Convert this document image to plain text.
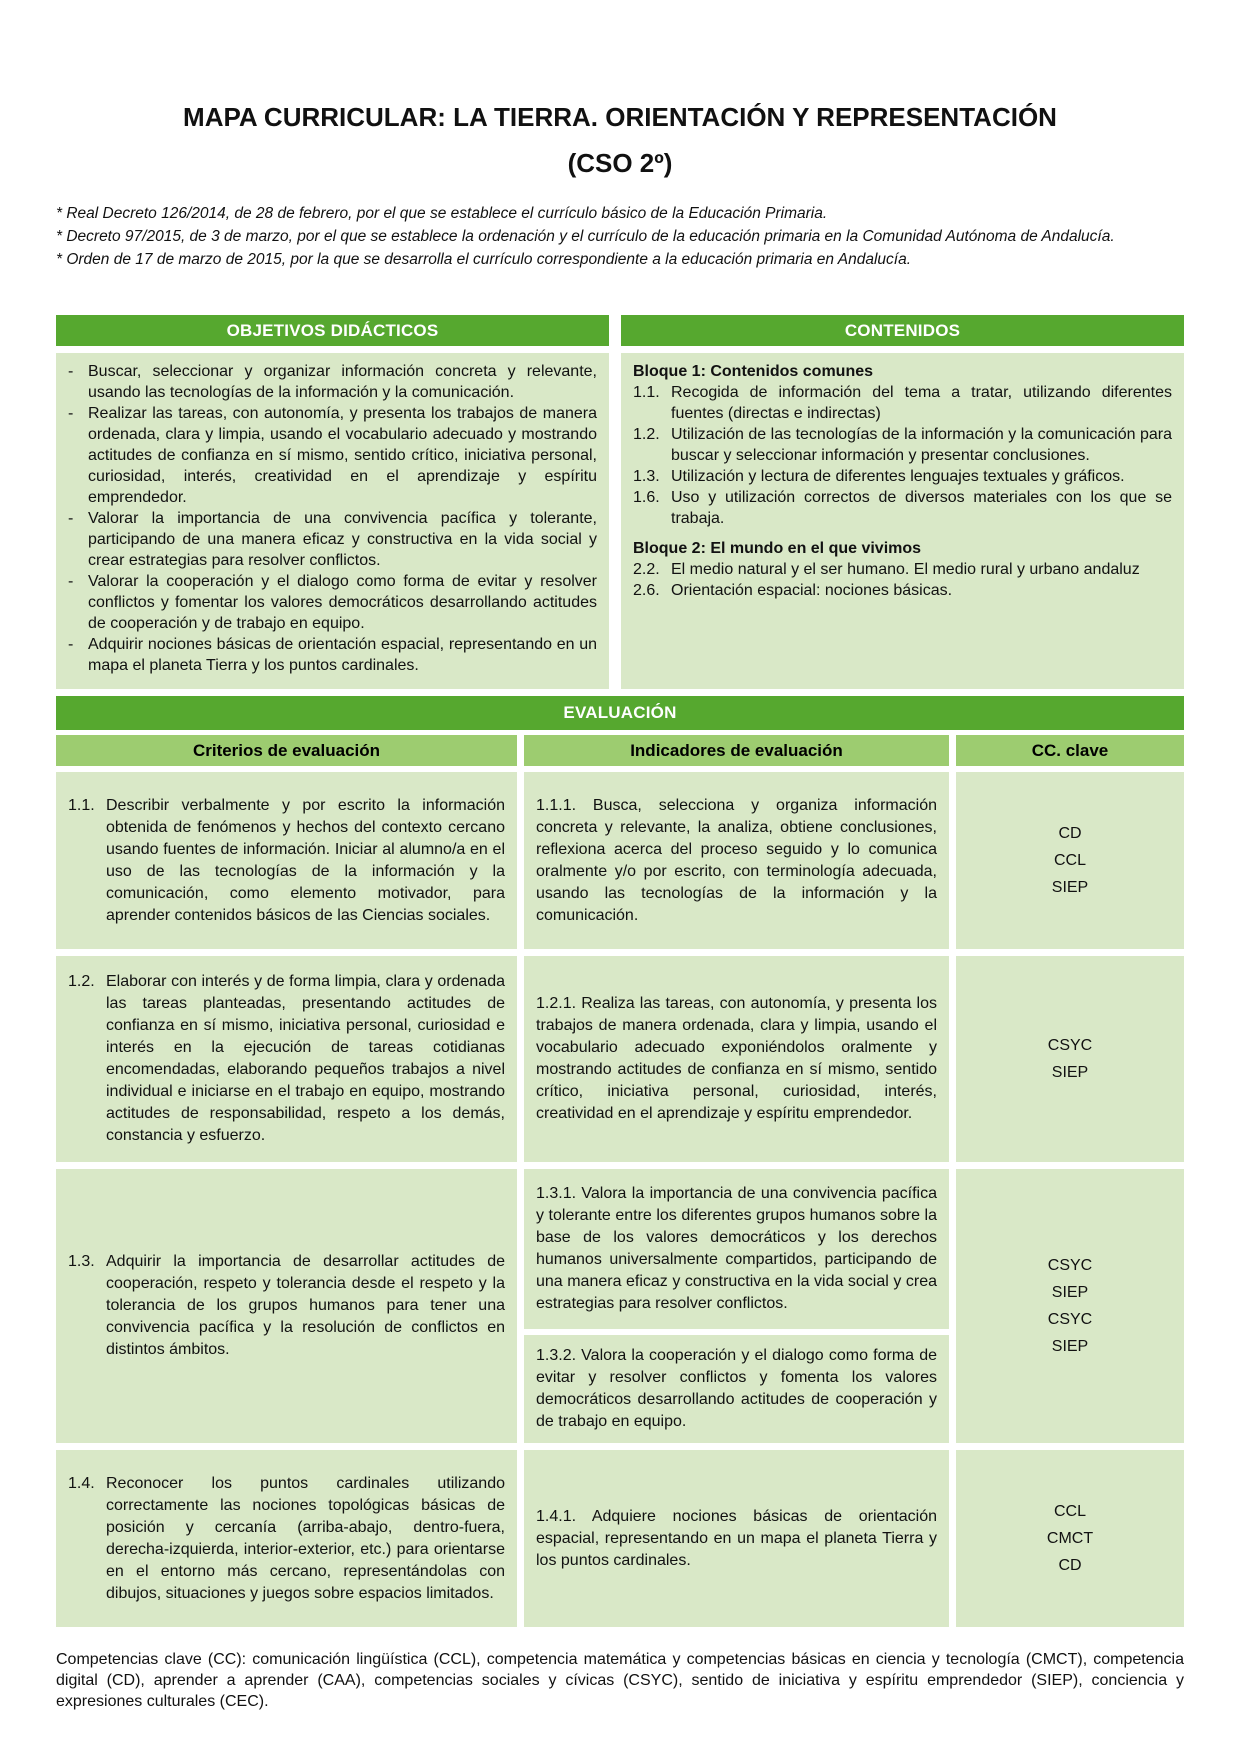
MAPA CURRICULAR: LA TIERRA. ORIENTACIÓN Y REPRESENTACIÓN
(CSO 2º)
* Real Decreto 126/2014, de 28 de febrero, por el que se establece el currículo básico de la Educación Primaria.
* Decreto 97/2015, de 3 de marzo, por el que se establece la ordenación y el currículo de la educación primaria en la Comunidad Autónoma de Andalucía.
* Orden de 17 de marzo de 2015, por la que se desarrolla el currículo correspondiente a la educación primaria en Andalucía.
OBJETIVOS DIDÁCTICOS
- Buscar, seleccionar y organizar información concreta y relevante, usando las tecnologías de la información y la comunicación.
- Realizar las tareas, con autonomía, y presenta los trabajos de manera ordenada, clara y limpia, usando el vocabulario adecuado y mostrando actitudes de confianza en sí mismo, sentido crítico, iniciativa personal, curiosidad, interés, creatividad en el aprendizaje y espíritu emprendedor.
- Valorar la importancia de una convivencia pacífica y tolerante, participando de una manera eficaz y constructiva en la vida social y crear estrategias para resolver conflictos.
- Valorar la cooperación y el dialogo como forma de evitar y resolver conflictos y fomentar los valores democráticos desarrollando actitudes de cooperación y de trabajo en equipo.
- Adquirir nociones básicas de orientación espacial, representando en un mapa el planeta Tierra y los puntos cardinales.
CONTENIDOS
Bloque 1: Contenidos comunes
1.1. Recogida de información del tema a tratar, utilizando diferentes fuentes (directas e indirectas)
1.2. Utilización de las tecnologías de la información y la comunicación para buscar y seleccionar información y presentar conclusiones.
1.3. Utilización y lectura de diferentes lenguajes textuales y gráficos.
1.6. Uso y utilización correctos de diversos materiales con los que se trabaja.
Bloque 2: El mundo en el que vivimos
2.2. El medio natural y el ser humano. El medio rural y urbano andaluz
2.6. Orientación espacial: nociones básicas.
EVALUACIÓN
Criterios de evaluación	Indicadores de evaluación	CC. clave
1.1. Describir verbalmente y por escrito la información obtenida de fenómenos y hechos del contexto cercano usando fuentes de información. Iniciar al alumno/a en el uso de las tecnologías de la información y la comunicación, como elemento motivador, para aprender contenidos básicos de las Ciencias sociales.

1.1.1. Busca, selecciona y organiza información concreta y relevante, la analiza, obtiene conclusiones, reflexiona acerca del proceso seguido y lo comunica oralmente y/o por escrito, con terminología adecuada, usando las tecnologías de la información y la comunicación.

CD
CCL
SIEP
1.2. Elaborar con interés y de forma limpia, clara y ordenada las tareas planteadas, presentando actitudes de confianza en sí mismo, iniciativa personal, curiosidad e interés en la ejecución de tareas cotidianas encomendadas, elaborando pequeños trabajos a nivel individual e iniciarse en el trabajo en equipo, mostrando actitudes de responsabilidad, respeto a los demás, constancia y esfuerzo.

1.2.1. Realiza las tareas, con autonomía, y presenta los trabajos de manera ordenada, clara y limpia, usando el vocabulario adecuado exponiéndolos oralmente y mostrando actitudes de confianza en sí mismo, sentido crítico, iniciativa personal, curiosidad, interés, creatividad en el aprendizaje y espíritu emprendedor.

CSYC
SIEP
1.3. Adquirir la importancia de desarrollar actitudes de cooperación, respeto y tolerancia desde el respeto y la tolerancia de los grupos humanos para tener una convivencia pacífica y la resolución de conflictos en distintos ámbitos.

1.3.1. Valora la importancia de una convivencia pacífica y tolerante entre los diferentes grupos humanos sobre la base de los valores democráticos y los derechos humanos universalmente compartidos, participando de una manera eficaz y constructiva en la vida social y crea estrategias para resolver conflictos.

1.3.2. Valora la cooperación y el dialogo como forma de evitar y resolver conflictos y fomenta los valores democráticos desarrollando actitudes de cooperación y de trabajo en equipo.

CSYC
SIEP
CSYC
SIEP
1.4. Reconocer los puntos cardinales utilizando correctamente las nociones topológicas básicas de posición y cercanía (arriba-abajo, dentro-fuera, derecha-izquierda, interior-exterior, etc.) para orientarse en el entorno más cercano, representándolas con dibujos, situaciones y juegos sobre espacios limitados.

1.4.1. Adquiere nociones básicas de orientación espacial, representando en un mapa el planeta Tierra y los puntos cardinales.

CCL
CMCT
CD

Competencias clave (CC): comunicación lingüística (CCL), competencia matemática y competencias básicas en ciencia y tecnología (CMCT), competencia digital (CD), aprender a aprender (CAA), competencias sociales y cívicas (CSYC), sentido de iniciativa y espíritu emprendedor (SIEP), conciencia y expresiones culturales (CEC).
